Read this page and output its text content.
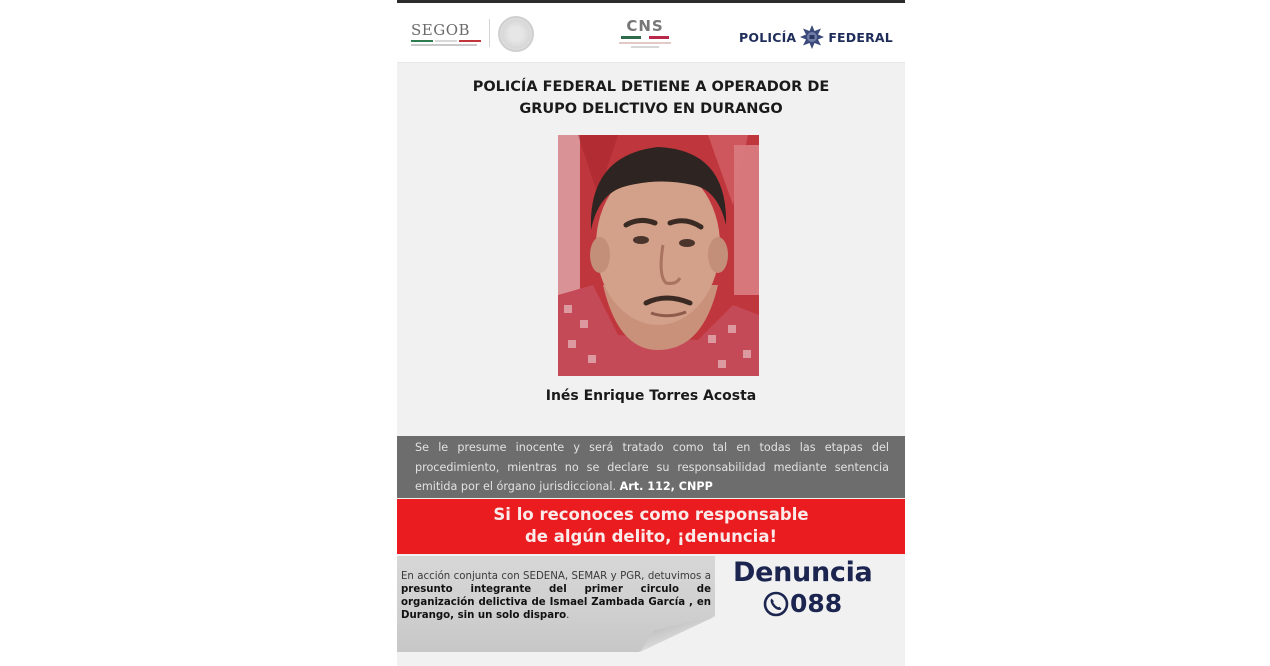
SEGOB	CNS
POLICÍA	FEDERAL
POLICÍA FEDERAL DETIENE A OPERADOR DE
GRUPO DELICTIVO EN DURANGO
Inés Enrique Torres Acosta
Se le presume inocente y será tratado como tal en todas las etapas del procedimiento, mientras no se declare su responsabilidad mediante sentencia emitida por el órgano jurisdiccional. Art. 112, CNPP
Si lo reconoces como responsable
de algún delito, ¡denuncia!
En acción conjunta con SEDENA, SEMAR y PGR, detuvimos a presunto integrante del primer circulo de organización delictiva de Ismael Zambada García , en Durango, sin un solo disparo.
Denuncia
088
